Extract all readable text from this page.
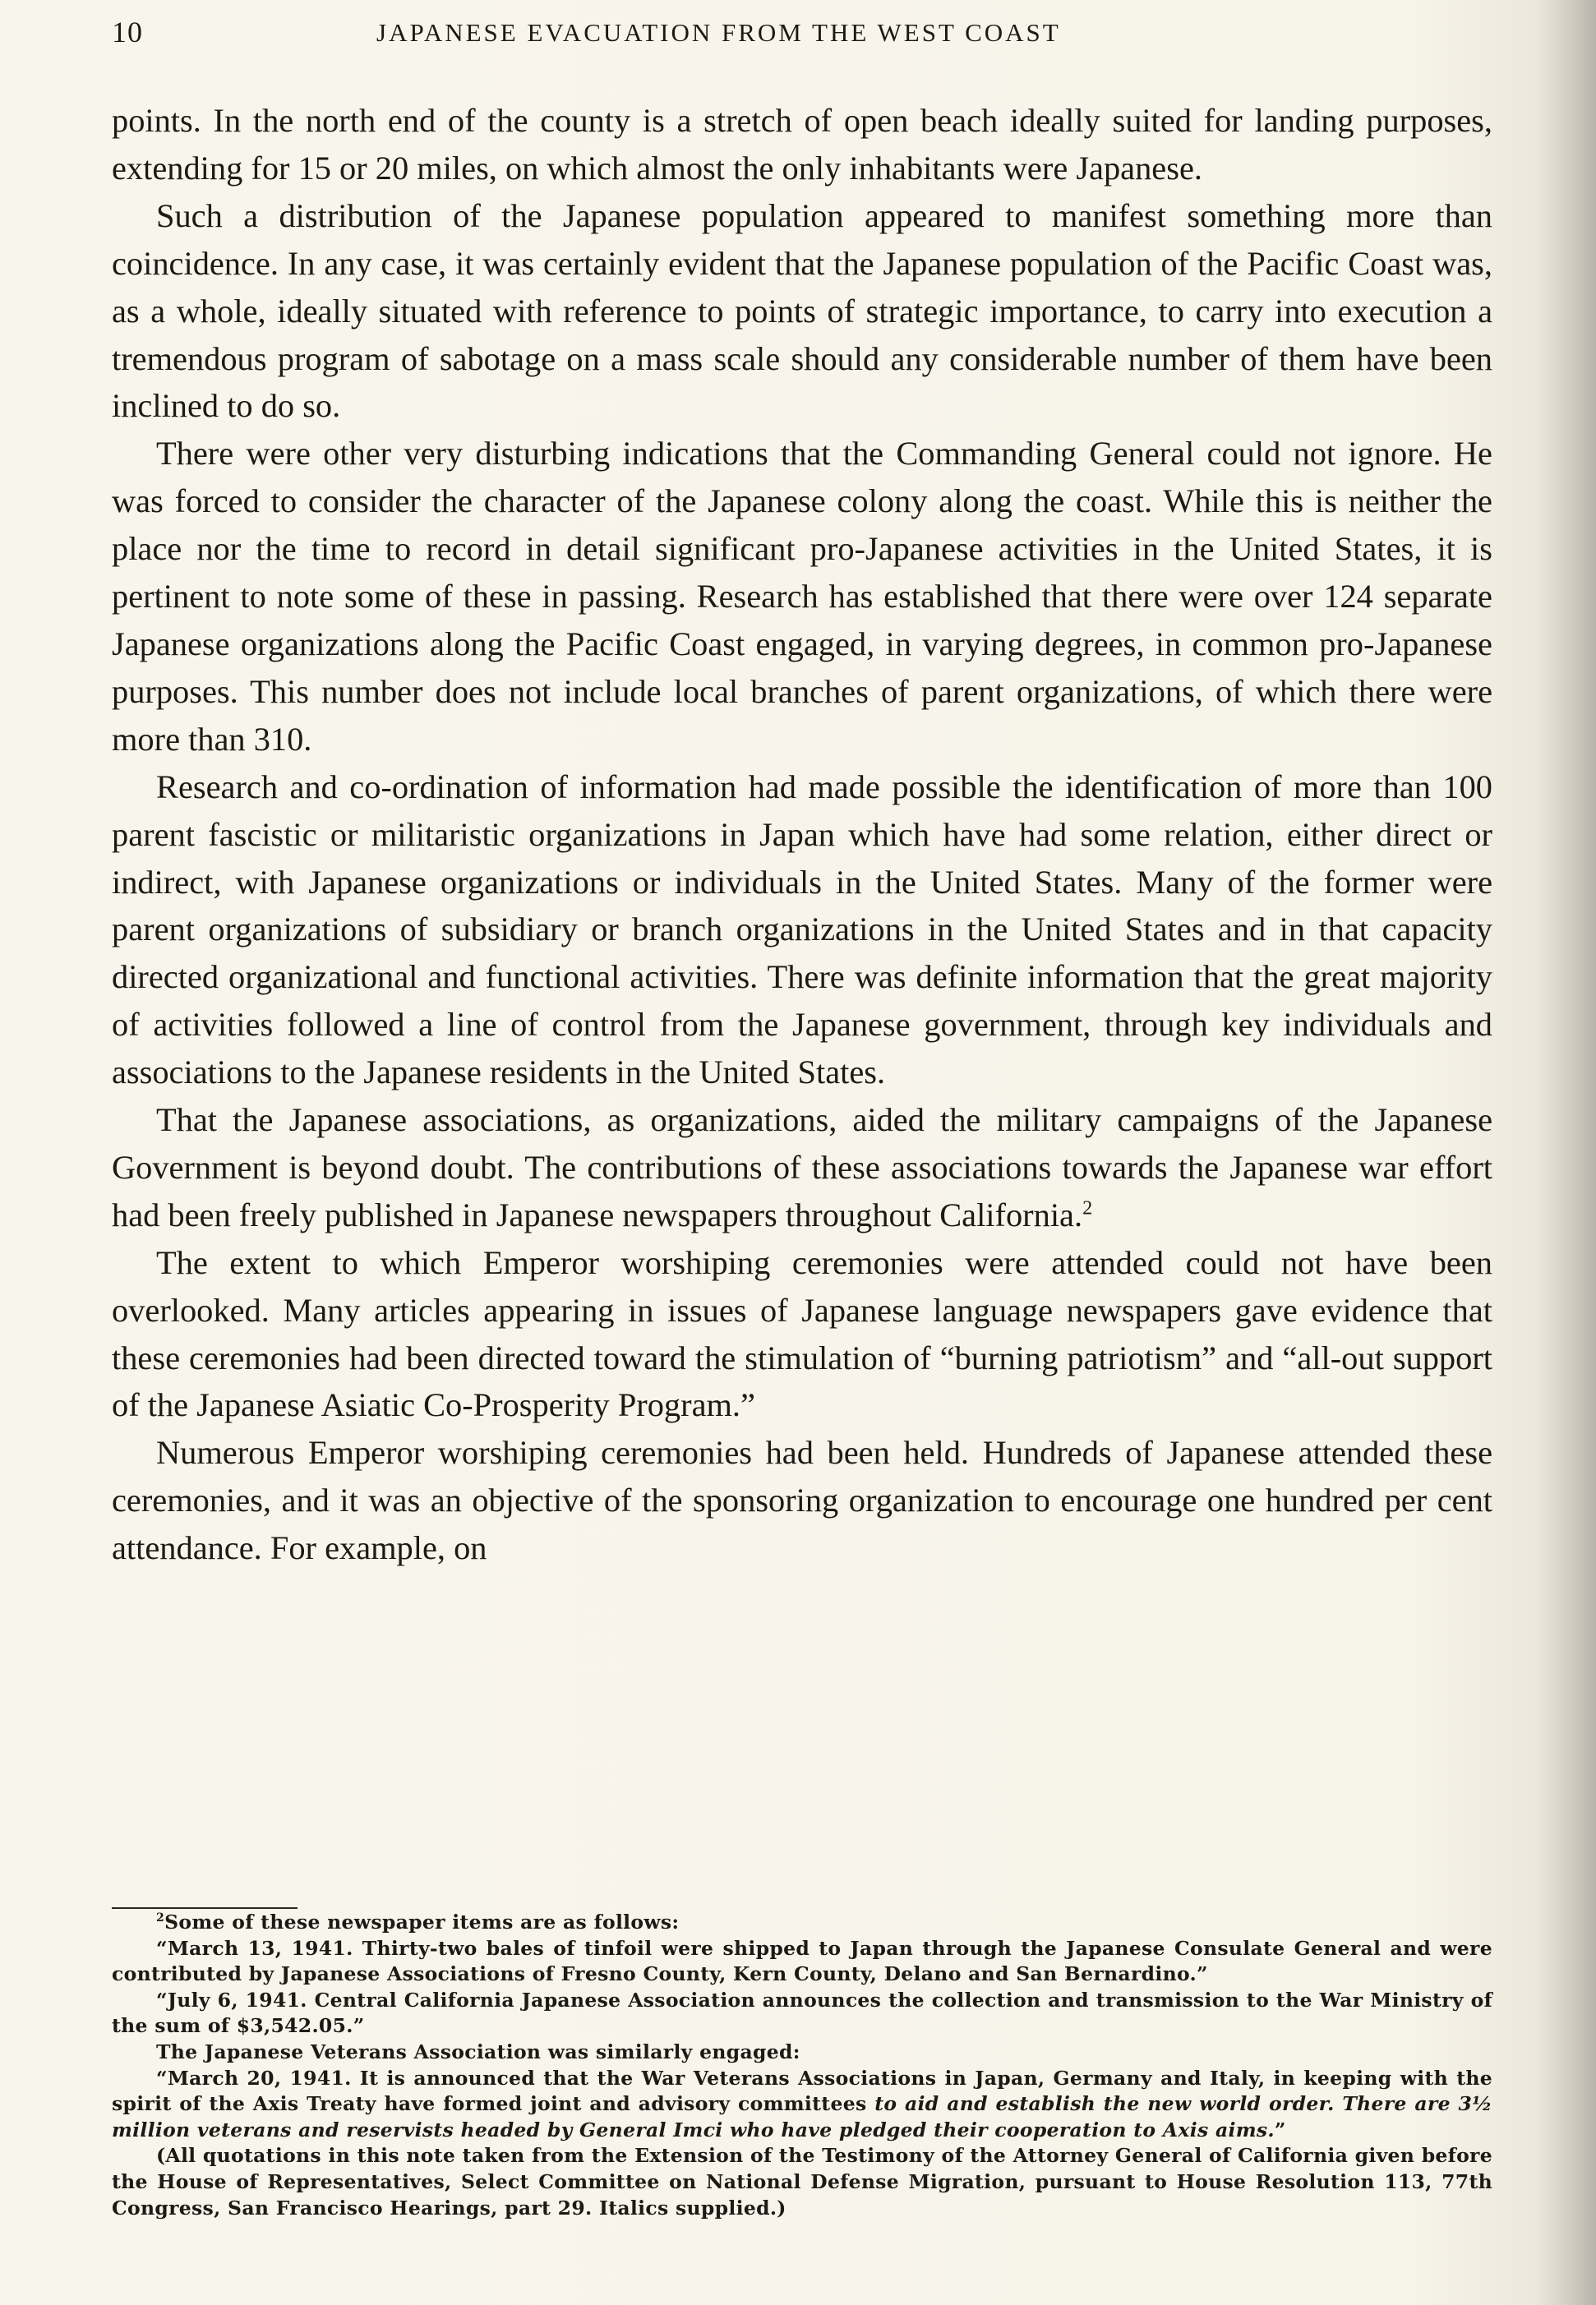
10	JAPANESE EVACUATION FROM THE WEST COAST

points. In the north end of the county is a stretch of open beach ideally suited for landing purposes, extending for 15 or 20 miles, on which almost the only inhabitants were Japanese.

Such a distribution of the Japanese population appeared to manifest something more than coincidence. In any case, it was certainly evident that the Japanese population of the Pacific Coast was, as a whole, ideally situated with reference to points of strategic importance, to carry into execution a tremendous program of sabotage on a mass scale should any considerable number of them have been inclined to do so.

There were other very disturbing indications that the Commanding General could not ignore. He was forced to consider the character of the Japanese colony along the coast. While this is neither the place nor the time to record in detail significant pro-Japanese activities in the United States, it is pertinent to note some of these in passing. Research has established that there were over 124 separate Japanese organizations along the Pacific Coast engaged, in varying degrees, in common pro-Japanese purposes. This number does not include local branches of parent organizations, of which there were more than 310.

Research and co-ordination of information had made possible the identification of more than 100 parent fascistic or militaristic organizations in Japan which have had some relation, either direct or indirect, with Japanese organizations or individuals in the United States. Many of the former were parent organizations of subsidiary or branch organizations in the United States and in that capacity directed organizational and functional activities. There was definite information that the great majority of activities followed a line of control from the Japanese government, through key individuals and associations to the Japanese residents in the United States.

That the Japanese associations, as organizations, aided the military campaigns of the Japanese Government is beyond doubt. The contributions of these associations towards the Japanese war effort had been freely published in Japanese newspapers throughout California.$^2$

The extent to which Emperor worshiping ceremonies were attended could not have been overlooked. Many articles appearing in issues of Japanese language newspapers gave evidence that these ceremonies had been directed toward the stimulation of “burning patriotism” and “all-out support of the Japanese Asiatic Co-Prosperity Program.”

Numerous Emperor worshiping ceremonies had been held. Hundreds of Japanese attended these ceremonies, and it was an objective of the sponsoring organization to encourage one hundred per cent attendance. For example, on

$^2$Some of these newspaper items are as follows:

“March 13, 1941. Thirty-two bales of tinfoil were shipped to Japan through the Japanese Consulate General and were contributed by Japanese Associations of Fresno County, Kern County, Delano and San Bernardino.”

“July 6, 1941. Central California Japanese Association announces the collection and transmission to the War Ministry of the sum of $3,542.05.”

The Japanese Veterans Association was similarly engaged:

“March 20, 1941. It is announced that the War Veterans Associations in Japan, Germany and Italy, in keeping with the spirit of the Axis Treaty have formed joint and advisory committees to aid and establish the new world order. There are 3½ million veterans and reservists headed by General Imci who have pledged their cooperation to Axis aims.”

(All quotations in this note taken from the Extension of the Testimony of the Attorney General of California given before the House of Representatives, Select Committee on National Defense Migration, pursuant to House Resolution 113, 77th Congress, San Francisco Hearings, part 29. Italics supplied.)
